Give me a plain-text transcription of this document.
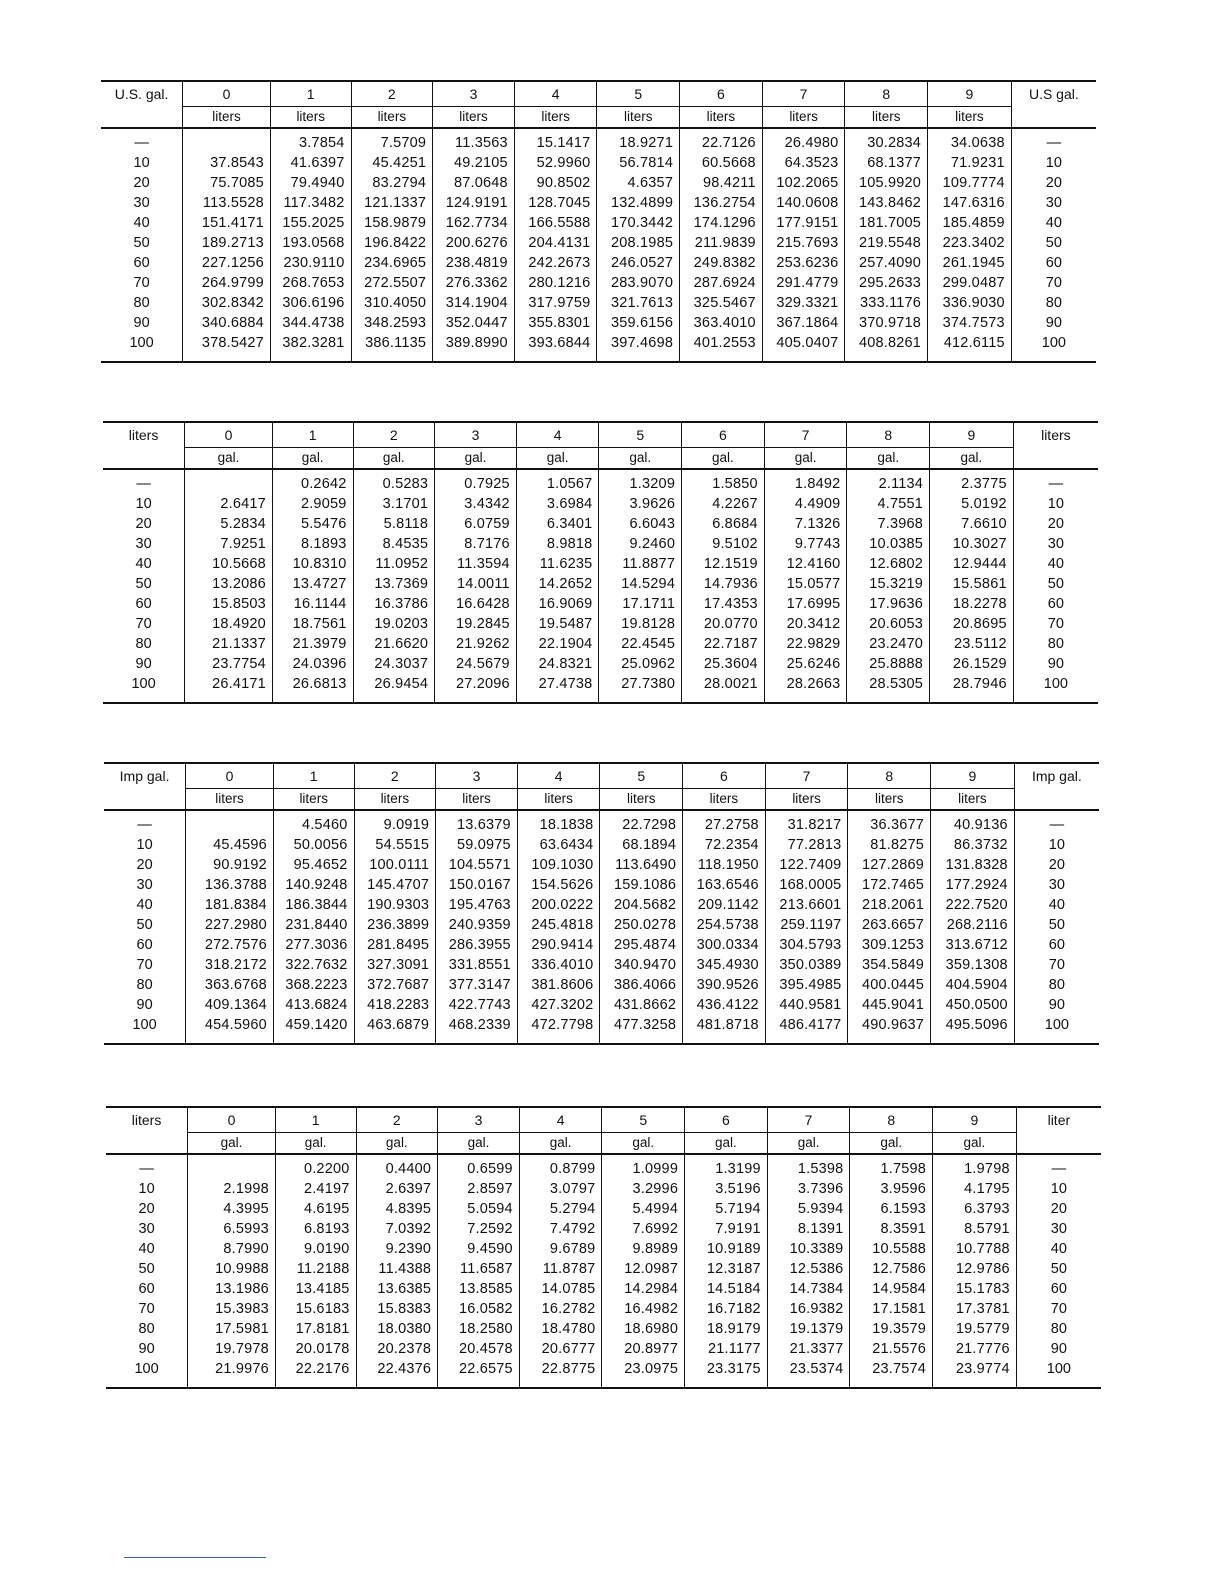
U.S. gal.	0	1	2	3	4	5	6	7	8	9	U.S gal.
	liters	liters	liters	liters	liters	liters	liters	liters	liters	liters	
—		3.7854	7.5709	11.3563	15.1417	18.9271	22.7126	26.4980	30.2834	34.0638	—
10	37.8543	41.6397	45.4251	49.2105	52.9960	56.7814	60.5668	64.3523	68.1377	71.9231	10
20	75.7085	79.4940	83.2794	87.0648	90.8502	4.6357	98.4211	102.2065	105.9920	109.7774	20
30	113.5528	117.3482	121.1337	124.9191	128.7045	132.4899	136.2754	140.0608	143.8462	147.6316	30
40	151.4171	155.2025	158.9879	162.7734	166.5588	170.3442	174.1296	177.9151	181.7005	185.4859	40
50	189.2713	193.0568	196.8422	200.6276	204.4131	208.1985	211.9839	215.7693	219.5548	223.3402	50
60	227.1256	230.9110	234.6965	238.4819	242.2673	246.0527	249.8382	253.6236	257.4090	261.1945	60
70	264.9799	268.7653	272.5507	276.3362	280.1216	283.9070	287.6924	291.4779	295.2633	299.0487	70
80	302.8342	306.6196	310.4050	314.1904	317.9759	321.7613	325.5467	329.3321	333.1176	336.9030	80
90	340.6884	344.4738	348.2593	352.0447	355.8301	359.6156	363.4010	367.1864	370.9718	374.7573	90
100	378.5427	382.3281	386.1135	389.8990	393.6844	397.4698	401.2553	405.0407	408.8261	412.6115	100
liters	0	1	2	3	4	5	6	7	8	9	liters
	gal.	gal.	gal.	gal.	gal.	gal.	gal.	gal.	gal.	gal.	
—		0.2642	0.5283	0.7925	1.0567	1.3209	1.5850	1.8492	2.1134	2.3775	—
10	2.6417	2.9059	3.1701	3.4342	3.6984	3.9626	4.2267	4.4909	4.7551	5.0192	10
20	5.2834	5.5476	5.8118	6.0759	6.3401	6.6043	6.8684	7.1326	7.3968	7.6610	20
30	7.9251	8.1893	8.4535	8.7176	8.9818	9.2460	9.5102	9.7743	10.0385	10.3027	30
40	10.5668	10.8310	11.0952	11.3594	11.6235	11.8877	12.1519	12.4160	12.6802	12.9444	40
50	13.2086	13.4727	13.7369	14.0011	14.2652	14.5294	14.7936	15.0577	15.3219	15.5861	50
60	15.8503	16.1144	16.3786	16.6428	16.9069	17.1711	17.4353	17.6995	17.9636	18.2278	60
70	18.4920	18.7561	19.0203	19.2845	19.5487	19.8128	20.0770	20.3412	20.6053	20.8695	70
80	21.1337	21.3979	21.6620	21.9262	22.1904	22.4545	22.7187	22.9829	23.2470	23.5112	80
90	23.7754	24.0396	24.3037	24.5679	24.8321	25.0962	25.3604	25.6246	25.8888	26.1529	90
100	26.4171	26.6813	26.9454	27.2096	27.4738	27.7380	28.0021	28.2663	28.5305	28.7946	100
Imp gal.	0	1	2	3	4	5	6	7	8	9	Imp gal.
	liters	liters	liters	liters	liters	liters	liters	liters	liters	liters	
—		4.5460	9.0919	13.6379	18.1838	22.7298	27.2758	31.8217	36.3677	40.9136	—
10	45.4596	50.0056	54.5515	59.0975	63.6434	68.1894	72.2354	77.2813	81.8275	86.3732	10
20	90.9192	95.4652	100.0111	104.5571	109.1030	113.6490	118.1950	122.7409	127.2869	131.8328	20
30	136.3788	140.9248	145.4707	150.0167	154.5626	159.1086	163.6546	168.0005	172.7465	177.2924	30
40	181.8384	186.3844	190.9303	195.4763	200.0222	204.5682	209.1142	213.6601	218.2061	222.7520	40
50	227.2980	231.8440	236.3899	240.9359	245.4818	250.0278	254.5738	259.1197	263.6657	268.2116	50
60	272.7576	277.3036	281.8495	286.3955	290.9414	295.4874	300.0334	304.5793	309.1253	313.6712	60
70	318.2172	322.7632	327.3091	331.8551	336.4010	340.9470	345.4930	350.0389	354.5849	359.1308	70
80	363.6768	368.2223	372.7687	377.3147	381.8606	386.4066	390.9526	395.4985	400.0445	404.5904	80
90	409.1364	413.6824	418.2283	422.7743	427.3202	431.8662	436.4122	440.9581	445.9041	450.0500	90
100	454.5960	459.1420	463.6879	468.2339	472.7798	477.3258	481.8718	486.4177	490.9637	495.5096	100
liters	0	1	2	3	4	5	6	7	8	9	liter
	gal.	gal.	gal.	gal.	gal.	gal.	gal.	gal.	gal.	gal.	
—		0.2200	0.4400	0.6599	0.8799	1.0999	1.3199	1.5398	1.7598	1.9798	—
10	2.1998	2.4197	2.6397	2.8597	3.0797	3.2996	3.5196	3.7396	3.9596	4.1795	10
20	4.3995	4.6195	4.8395	5.0594	5.2794	5.4994	5.7194	5.9394	6.1593	6.3793	20
30	6.5993	6.8193	7.0392	7.2592	7.4792	7.6992	7.9191	8.1391	8.3591	8.5791	30
40	8.7990	9.0190	9.2390	9.4590	9.6789	9.8989	10.9189	10.3389	10.5588	10.7788	40
50	10.9988	11.2188	11.4388	11.6587	11.8787	12.0987	12.3187	12.5386	12.7586	12.9786	50
60	13.1986	13.4185	13.6385	13.8585	14.0785	14.2984	14.5184	14.7384	14.9584	15.1783	60
70	15.3983	15.6183	15.8383	16.0582	16.2782	16.4982	16.7182	16.9382	17.1581	17.3781	70
80	17.5981	17.8181	18.0380	18.2580	18.4780	18.6980	18.9179	19.1379	19.3579	19.5779	80
90	19.7978	20.0178	20.2378	20.4578	20.6777	20.8977	21.1177	21.3377	21.5576	21.7776	90
100	21.9976	22.2176	22.4376	22.6575	22.8775	23.0975	23.3175	23.5374	23.7574	23.9774	100
